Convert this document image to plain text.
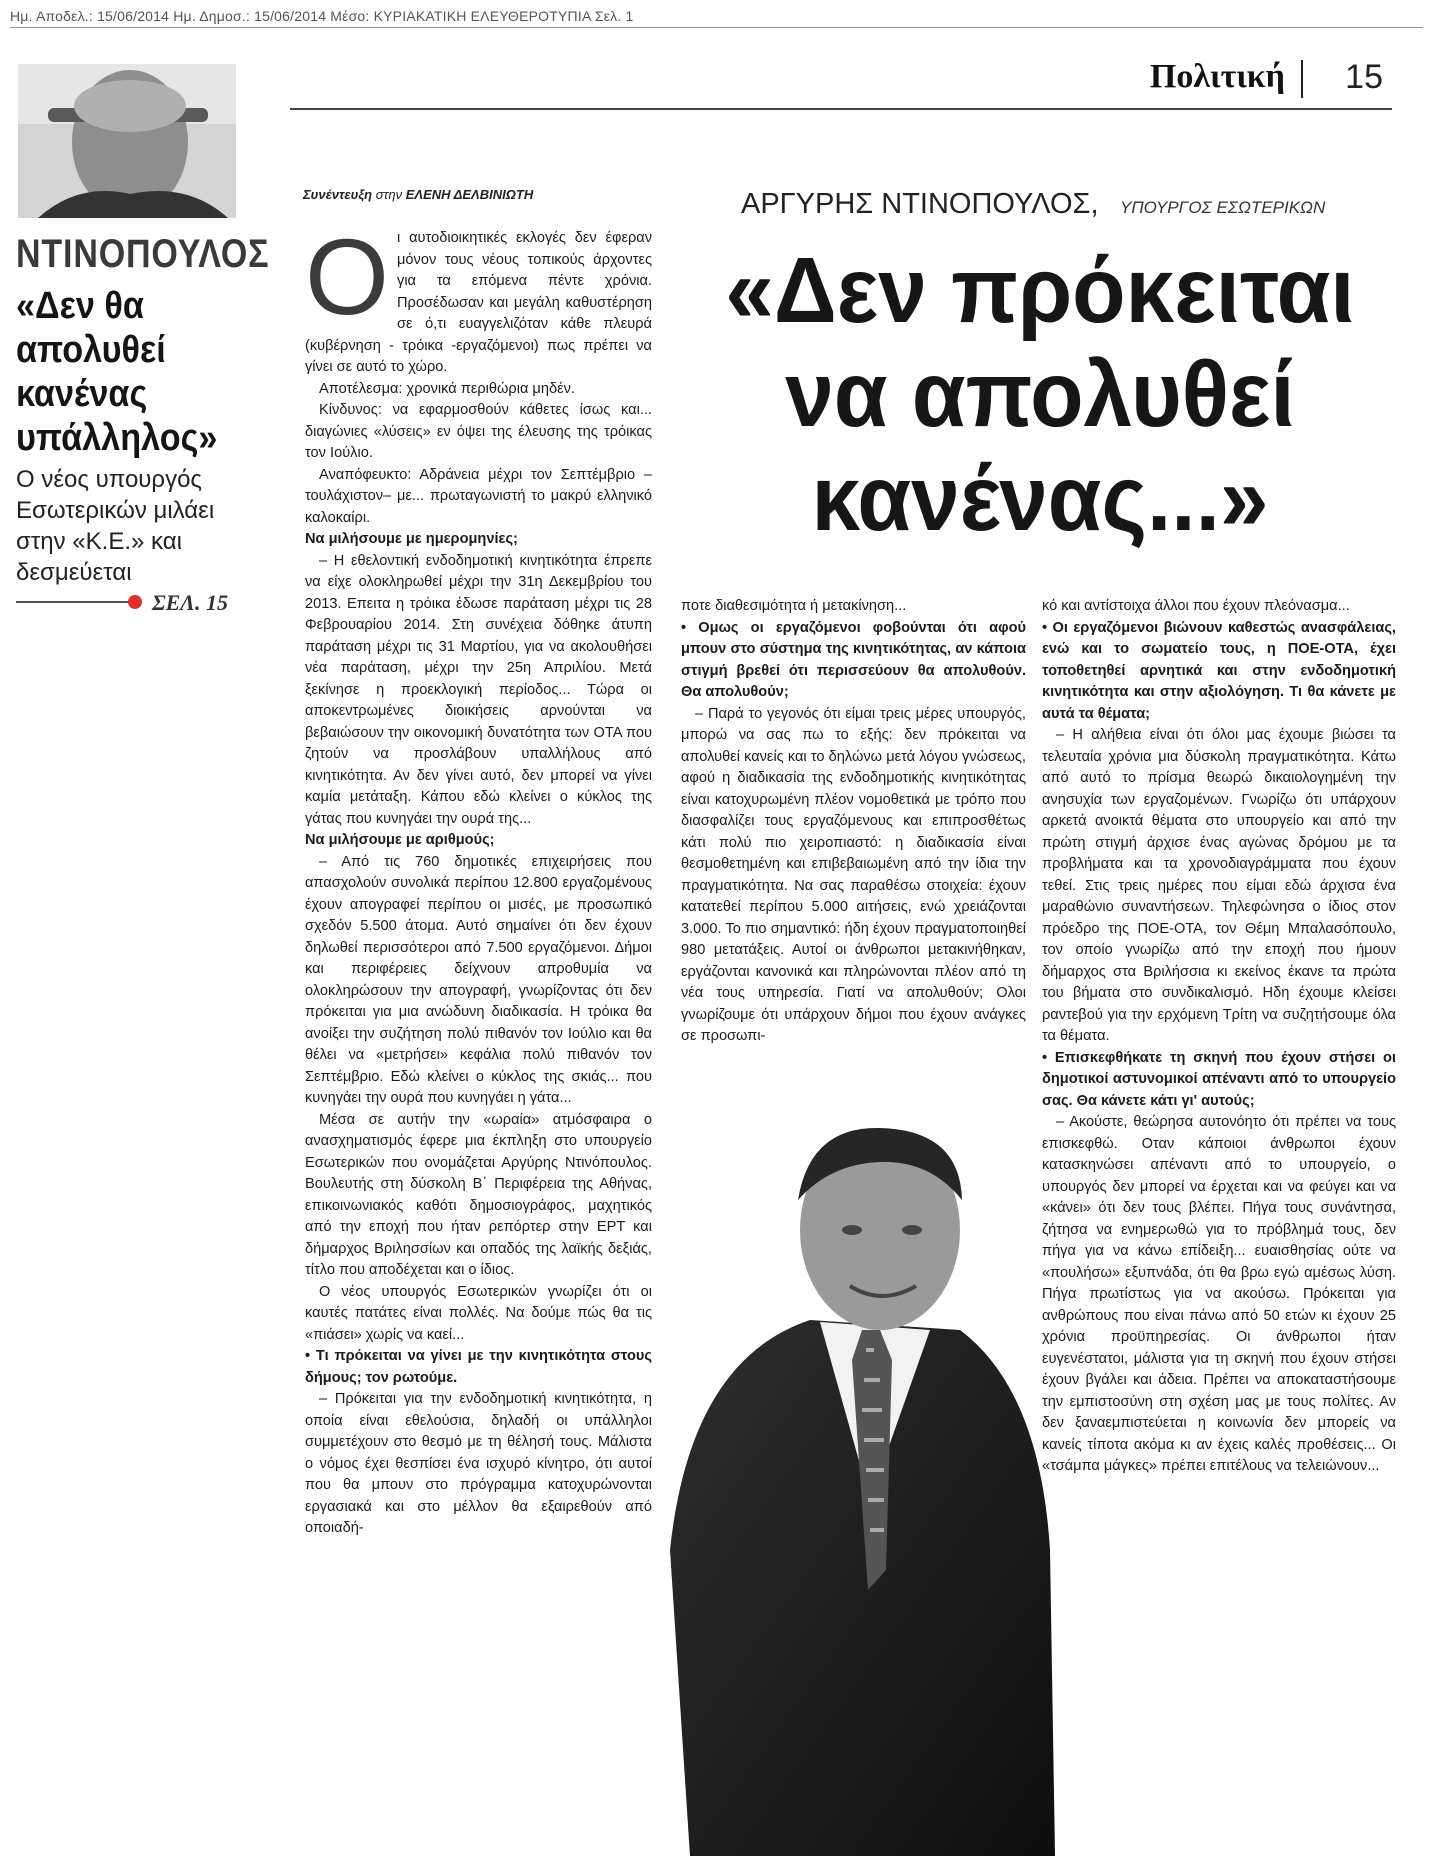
Ημ. Αποδελ.: 15/06/2014 Ημ. Δημοσ.: 15/06/2014 Μέσο: ΚΥΡΙΑΚΑΤΙΚΗ ΕΛΕΥΘΕΡΟΤΥΠΙΑ Σελ. 1
Πολιτική 15
ΝΤΙΝΟΠΟΥΛΟΣ
«Δεν θα απολυθεί κανένας υπάλληλος»
Ο νέος υπουργός Εσωτερικών μιλάει στην «Κ.Ε.» και δεσμεύεται
ΣΕΛ. 15
Συνέντευξη στην ΕΛΕΝΗ ΔΕΛΒΙΝΙΩΤΗ	ΑΡΓΥΡΗΣ ΝΤΙΝΟΠΟΥΛΟΣ, ΥΠΟΥΡΓΟΣ ΕΣΩΤΕΡΙΚΩΝ
«Δεν πρόκειται να απολυθεί κανένας...»
Ο ι αυτοδιοικητικές εκλογές δεν έφεραν μόνον τους νέους τοπικούς άρχοντες για τα επόμενα πέντε χρόνια. Προσέδωσαν και μεγάλη καθυστέρηση σε ό,τι ευαγγελιζόταν κάθε πλευρά (κυβέρνηση - τρόικα -εργαζόμενοι) πως πρέπει να γίνει σε αυτό το χώρο.

Αποτέλεσμα: χρονικά περιθώρια μηδέν.

Κίνδυνος: να εφαρμοσθούν κάθετες ίσως και... διαγώνιες «λύσεις» εν όψει της έλευσης της τρόικας τον Ιούλιο.

Αναπόφευκτο: Αδράνεια μέχρι τον Σεπτέμβριο –τουλάχιστον– με... πρωταγωνιστή το μακρύ ελληνικό καλοκαίρι.

Να μιλήσουμε με ημερομηνίες;

– Η εθελοντική ενδοδημοτική κινητικότητα έπρεπε να είχε ολοκληρωθεί μέχρι την 31η Δεκεμβρίου του 2013. Επειτα η τρόικα έδωσε παράταση μέχρι τις 28 Φεβρουαρίου 2014. Στη συνέχεια δόθηκε άτυπη παράταση μέχρι τις 31 Μαρτίου, για να ακολουθήσει νέα παράταση, μέχρι την 25η Απριλίου. Μετά ξεκίνησε η προεκλογική περίοδος... Τώρα οι αποκεντρωμένες διοικήσεις αρνούνται να βεβαιώσουν την οικονομική δυνατότητα των ΟΤΑ που ζητούν να προσλάβουν υπαλλήλους από κινητικότητα. Αν δεν γίνει αυτό, δεν μπορεί να γίνει καμία μετάταξη. Κάπου εδώ κλείνει ο κύκλος της γάτας που κυνηγάει την ουρά της...

Να μιλήσουμε με αριθμούς;

– Από τις 760 δημοτικές επιχειρήσεις που απασχολούν συνολικά περίπου 12.800 εργαζομένους έχουν απογραφεί περίπου οι μισές, με προσωπικό σχεδόν 5.500 άτομα. Αυτό σημαίνει ότι δεν έχουν δηλωθεί περισσότεροι από 7.500 εργαζόμενοι. Δήμοι και περιφέρειες δείχνουν απροθυμία να ολοκληρώσουν την απογραφή, γνωρίζοντας ότι δεν πρόκειται για μια ανώδυνη διαδικασία. Η τρόικα θα ανοίξει την συζήτηση πολύ πιθανόν τον Ιούλιο και θα θέλει να «μετρήσει» κεφάλια πολύ πιθανόν τον Σεπτέμβριο. Εδώ κλείνει ο κύκλος της σκιάς... που κυνηγάει την ουρά που κυνηγάει η γάτα...

Μέσα σε αυτήν την «ωραία» ατμόσφαιρα ο ανασχηματισμός έφερε μια έκπληξη στο υπουργείο Εσωτερικών που ονομάζεται Αργύρης Ντινόπουλος. Βουλευτής στη δύσκολη Β΄ Περιφέρεια της Αθήνας, επικοινωνιακός καθότι δημοσιογράφος, μαχητικός από την εποχή που ήταν ρεπόρτερ στην ΕΡΤ και δήμαρχος Βριλησσίων και οπαδός της λαϊκής δεξιάς, τίτλο που αποδέχεται και ο ίδιος.

Ο νέος υπουργός Εσωτερικών γνωρίζει ότι οι καυτές πατάτες είναι πολλές. Να δούμε πώς θα τις «πιάσει» χωρίς να καεί...

• Τι πρόκειται να γίνει με την κινητικότητα στους δήμους; τον ρωτούμε.

– Πρόκειται για την ενδοδημοτική κινητικότητα, η οποία είναι εθελούσια, δηλαδή οι υπάλληλοι συμμετέχουν στο θεσμό με τη θέλησή τους. Μάλιστα ο νόμος έχει θεσπίσει ένα ισχυρό κίνητρο, ότι αυτοί που θα μπουν στο πρόγραμμα κατοχυρώνονται εργασιακά και στο μέλλον θα εξαιρεθούν από οποιαδή-

ποτε διαθεσιμότητα ή μετακίνηση...

• Ομως οι εργαζόμενοι φοβούνται ότι αφού μπουν στο σύστημα της κινητικότητας, αν κάποια στιγμή βρεθεί ότι περισσεύουν θα απολυθούν. Θα απολυθούν;

– Παρά το γεγονός ότι είμαι τρεις μέρες υπουργός, μπορώ να σας πω το εξής: δεν πρόκειται να απολυθεί κανείς και το δηλώνω μετά λόγου γνώσεως, αφού η διαδικασία της ενδοδημοτικής κινητικότητας είναι κατοχυρωμένη πλέον νομοθετικά με τρόπο που διασφαλίζει τους εργαζόμενους και επιπροσθέτως κάτι πολύ πιο χειροπιαστό: η διαδικασία είναι θεσμοθετημένη και επιβεβαιωμένη από την ίδια την πραγματικότητα. Να σας παραθέσω στοιχεία: έχουν κατατεθεί περίπου 5.000 αιτήσεις, ενώ χρειάζονται 3.000. Το πιο σημαντικό: ήδη έχουν πραγματοποιηθεί 980 μετατάξεις. Αυτοί οι άνθρωποι μετακινήθηκαν, εργάζονται κανονικά και πληρώνονται πλέον από τη νέα τους υπηρεσία. Γιατί να απολυθούν; Ολοι γνωρίζουμε ότι υπάρχουν δήμοι που έχουν ανάγκες σε προσωπι-

κό και αντίστοιχα άλλοι που έχουν πλεόνασμα...

• Οι εργαζόμενοι βιώνουν καθεστώς ανασφάλειας, ενώ και το σωματείο τους, η ΠΟΕ-ΟΤΑ, έχει τοποθετηθεί αρνητικά και στην ενδοδημοτική κινητικότητα και στην αξιολόγηση. Τι θα κάνετε με αυτά τα θέματα;

– Η αλήθεια είναι ότι όλοι μας έχουμε βιώσει τα τελευταία χρόνια μια δύσκολη πραγματικότητα. Κάτω από αυτό το πρίσμα θεωρώ δικαιολογημένη την ανησυχία των εργαζομένων. Γνωρίζω ότι υπάρχουν αρκετά ανοικτά θέματα στο υπουργείο και από την πρώτη στιγμή άρχισε ένας αγώνας δρόμου με τα προβλήματα και τα χρονοδιαγράμματα που έχουν τεθεί. Στις τρεις ημέρες που είμαι εδώ άρχισα ένα μαραθώνιο συναντήσεων. Τηλεφώνησα ο ίδιος στον πρόεδρο της ΠΟΕ-ΟΤΑ, τον Θέμη Μπαλασόπουλο, τον οποίο γνωρίζω από την εποχή που ήμουν δήμαρχος στα Βριλήσσια κι εκείνος έκανε τα πρώτα του βήματα στο συνδικαλισμό. Ηδη έχουμε κλείσει ραντεβού για την ερχόμενη Τρίτη να συζητήσουμε όλα τα θέματα.

• Επισκεφθήκατε τη σκηνή που έχουν στήσει οι δημοτικοί αστυνομικοί απέναντι από το υπουργείο σας. Θα κάνετε κάτι γι' αυτούς;

– Ακούστε, θεώρησα αυτονόητο ότι πρέπει να τους επισκεφθώ. Οταν κάποιοι άνθρωποι έχουν κατασκηνώσει απέναντι από το υπουργείο, ο υπουργός δεν μπορεί να έρχεται και να φεύγει και να «κάνει» ότι δεν τους βλέπει. Πήγα τους συνάντησα, ζήτησα να ενημερωθώ για το πρόβλημά τους, δεν πήγα για να κάνω επίδειξη... ευαισθησίας ούτε να «πουλήσω» εξυπνάδα, ότι θα βρω εγώ αμέσως λύση. Πήγα πρωτίστως για να ακούσω. Πρόκειται για ανθρώπους που είναι πάνω από 50 ετών κι έχουν 25 χρόνια προϋπηρεσίας. Οι άνθρωποι ήταν ευγενέστατοι, μάλιστα για τη σκηνή που έχουν στήσει έχουν βγάλει και άδεια. Πρέπει να αποκαταστήσουμε την εμπιστοσύνη στη σχέση μας με τους πολίτες. Αν δεν ξαναεμπιστεύεται η κοινωνία δεν μπορείς να κανείς τίποτα ακόμα κι αν έχεις καλές προθέσεις... Οι «τσάμπα μάγκες» πρέπει επιτέλους να τελειώνουν...
